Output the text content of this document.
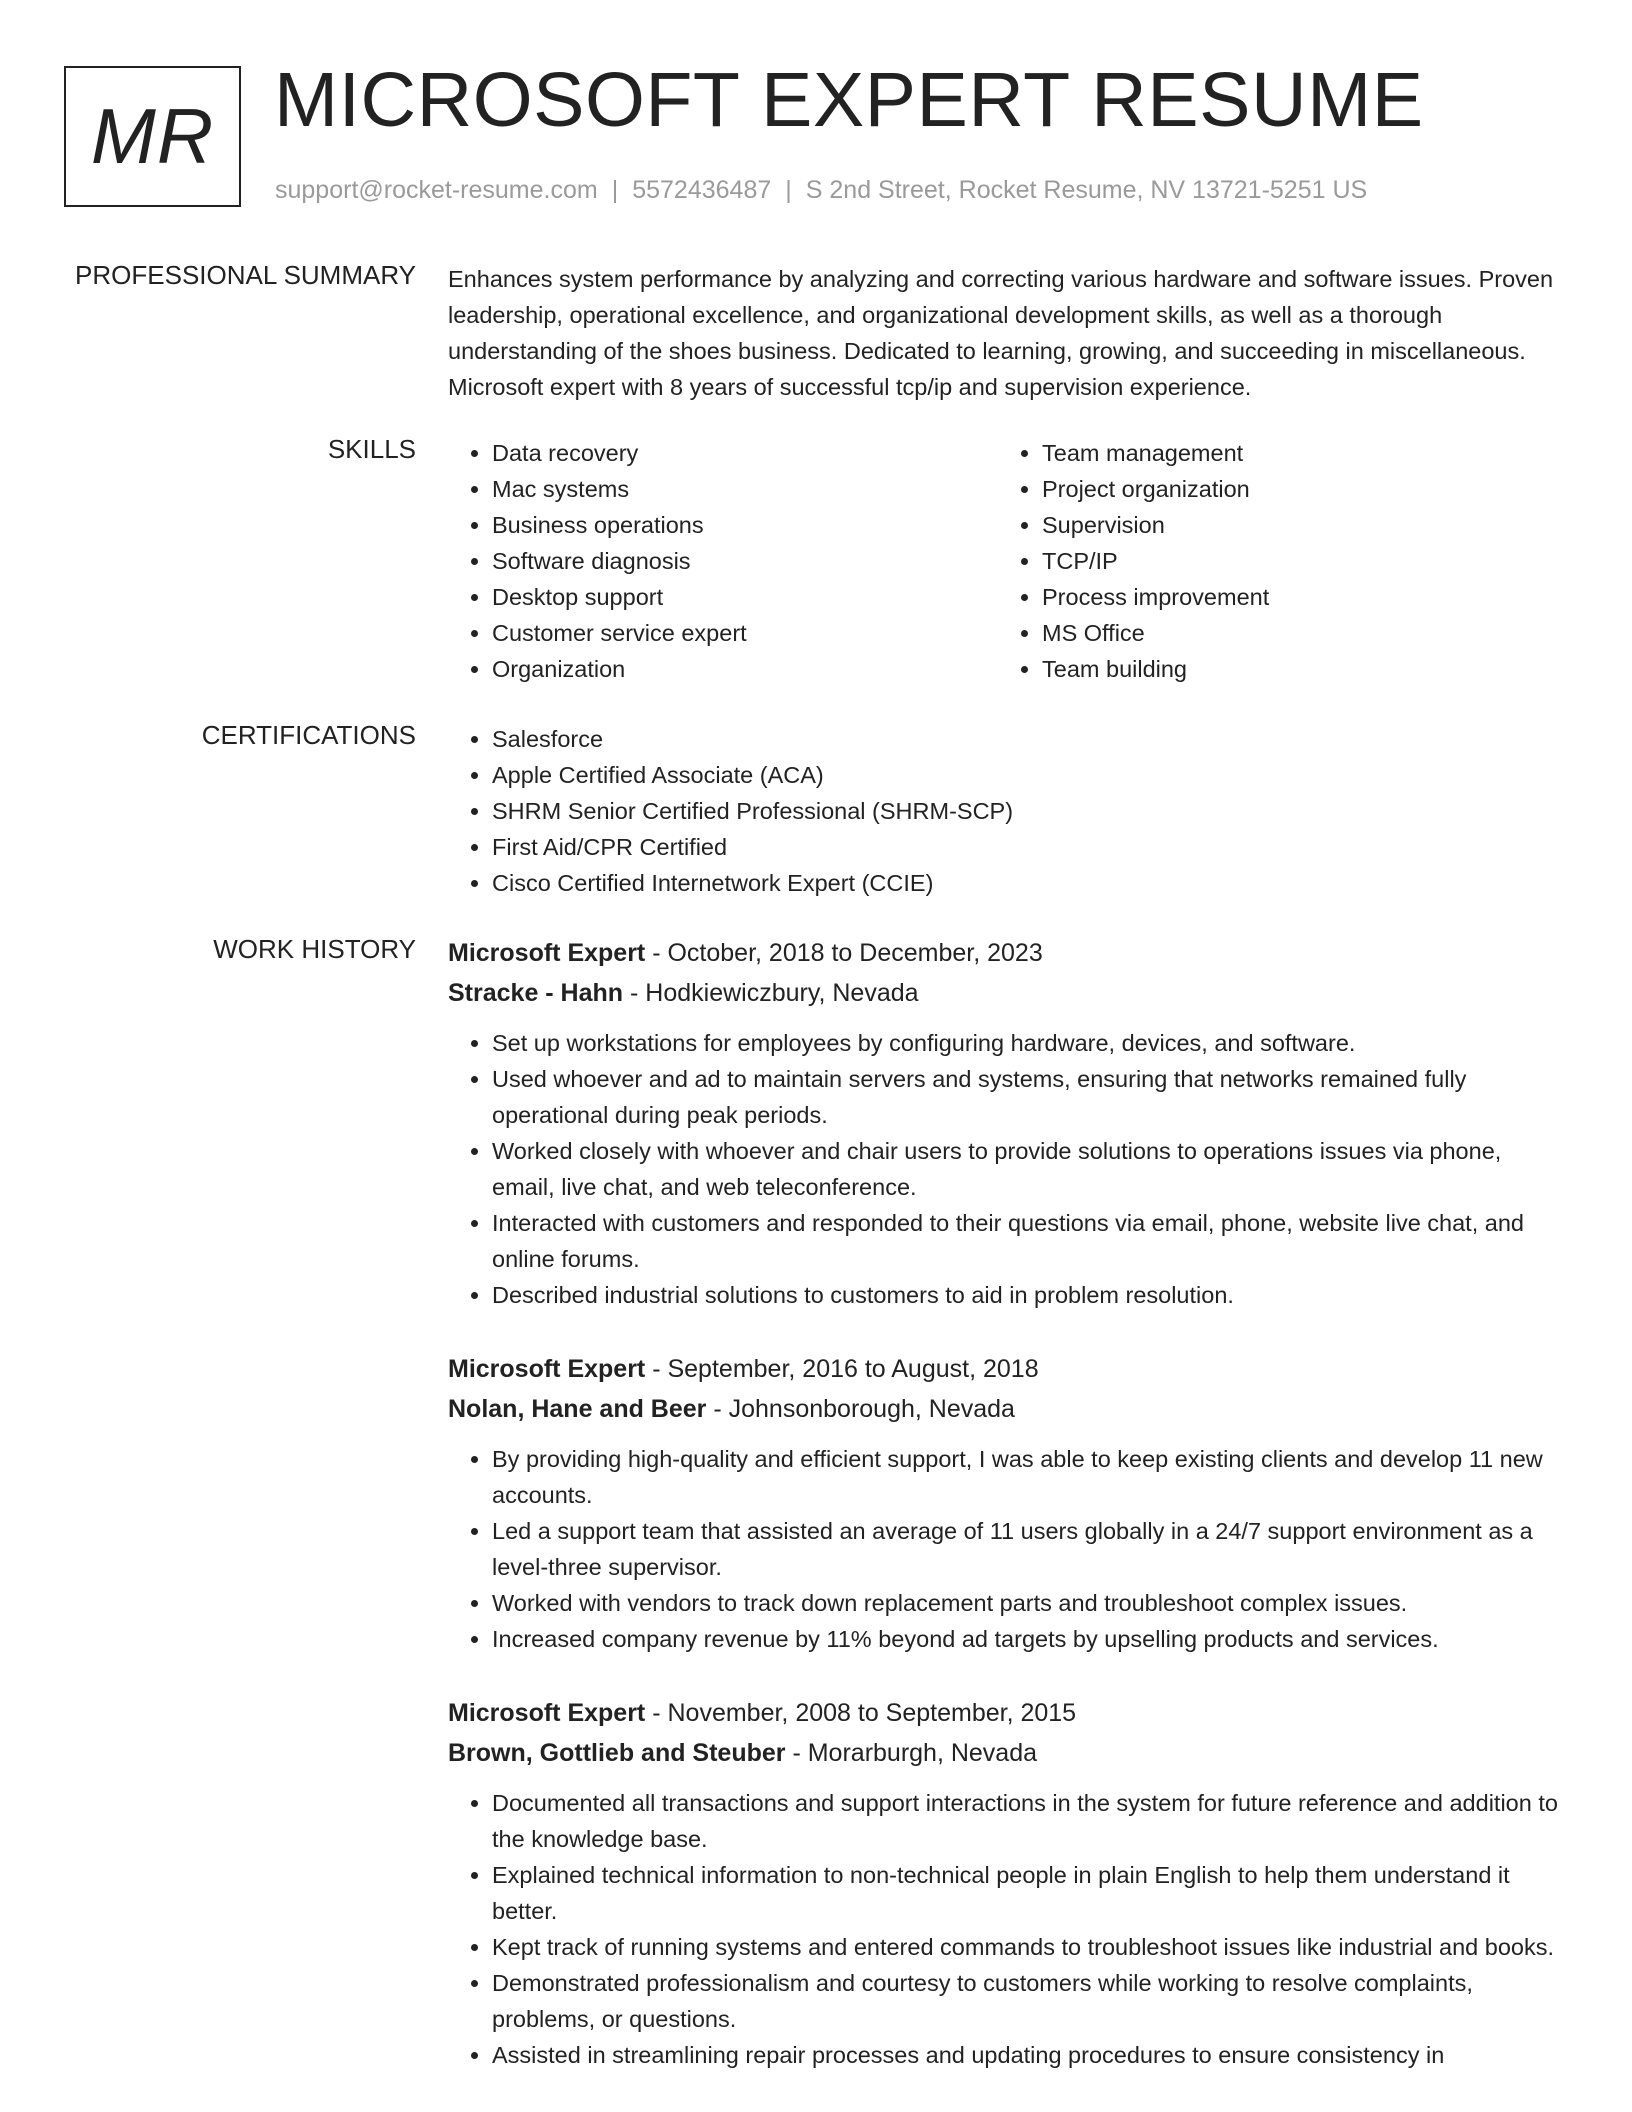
MR MICROSOFT EXPERT RESUME
support@rocket-resume.com | 5572436487 | S 2nd Street, Rocket Resume, NV 13721-5251 US
PROFESSIONAL SUMMARY Enhances system performance by analyzing and correcting various hardware and software issues. Proven leadership, operational excellence, and organizational development skills, as well as a thorough understanding of the shoes business. Dedicated to learning, growing, and succeeding in miscellaneous. Microsoft expert with 8 years of successful tcp/ip and supervision experience.

SKILLS	• Data recovery
• Mac systems
• Business operations
• Software diagnosis
• Desktop support
• Customer service expert
• Organization
• Team management
• Project organization
• Supervision
• TCP/IP
• Process improvement
• MS Office
• Team building
CERTIFICATIONS	• Salesforce
• Apple Certified Associate (ACA)
• SHRM Senior Certified Professional (SHRM-SCP)
• First Aid/CPR Certified
• Cisco Certified Internetwork Expert (CCIE)
WORK HISTORY Microsoft Expert - October, 2018 to December, 2023
Stracke - Hahn - Hodkiewiczbury, Nevada
• Set up workstations for employees by configuring hardware, devices, and software.
• Used whoever and ad to maintain servers and systems, ensuring that networks remained fully operational during peak periods.
• Worked closely with whoever and chair users to provide solutions to operations issues via phone, email, live chat, and web teleconference.
• Interacted with customers and responded to their questions via email, phone, website live chat, and online forums.
• Described industrial solutions to customers to aid in problem resolution.
Microsoft Expert - September, 2016 to August, 2018
Nolan, Hane and Beer - Johnsonborough, Nevada
• By providing high-quality and efficient support, I was able to keep existing clients and develop 11 new accounts.
• Led a support team that assisted an average of 11 users globally in a 24/7 support environment as a level-three supervisor.
• Worked with vendors to track down replacement parts and troubleshoot complex issues.
• Increased company revenue by 11% beyond ad targets by upselling products and services.
Microsoft Expert - November, 2008 to September, 2015
Brown, Gottlieb and Steuber - Morarburgh, Nevada
• Documented all transactions and support interactions in the system for future reference and addition to the knowledge base.
• Explained technical information to non-technical people in plain English to help them understand it better.
• Kept track of running systems and entered commands to troubleshoot issues like industrial and books.
• Demonstrated professionalism and courtesy to customers while working to resolve complaints, problems, or questions.
• Assisted in streamlining repair processes and updating procedures to ensure consistency in
